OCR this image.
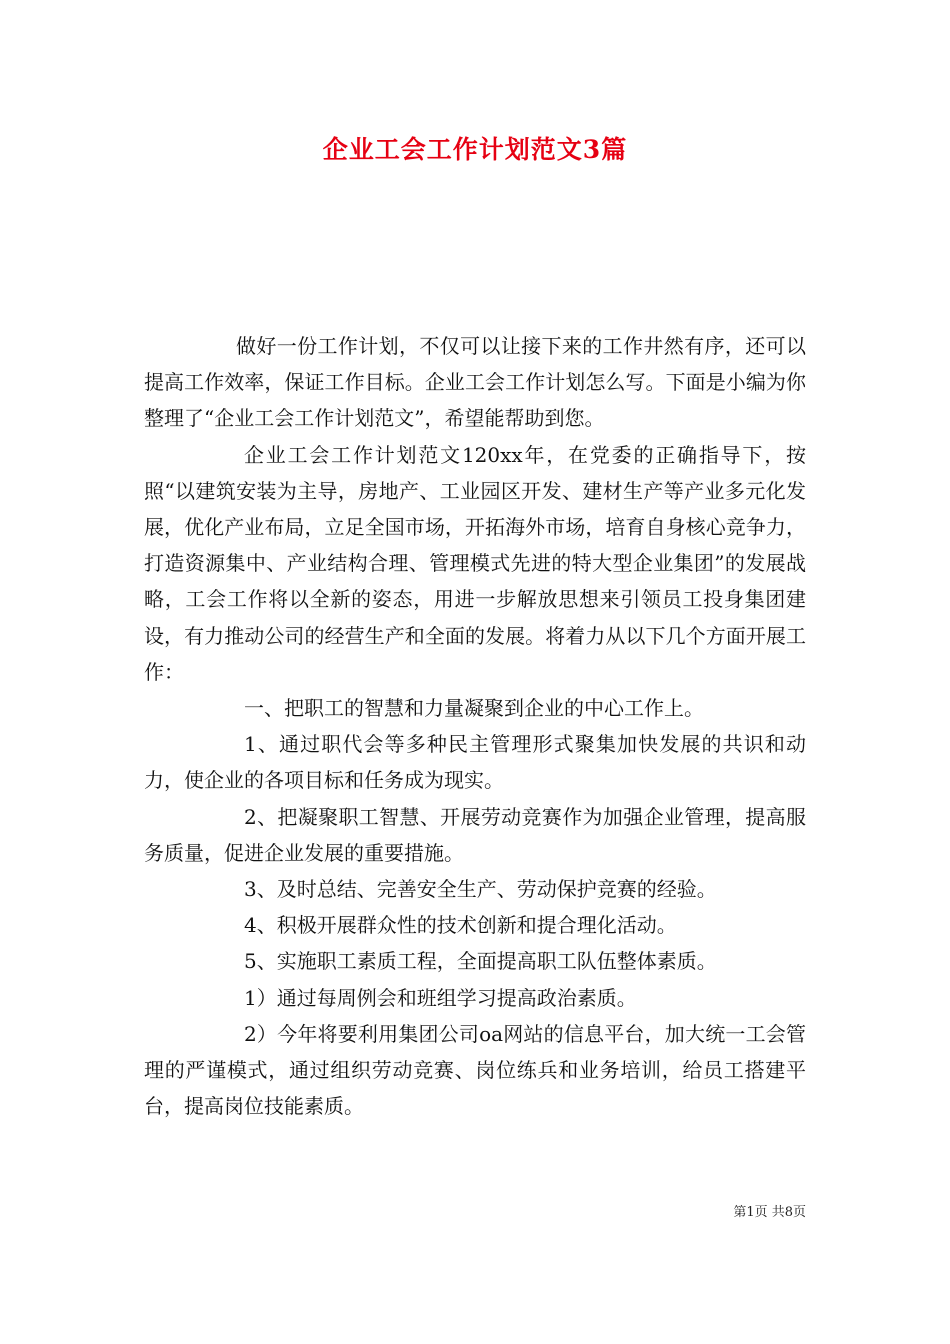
企业工会工作计划范文3篇

做好一份工作计划，不仅可以让接下来的工作井然有序，还可以提高工作效率，保证工作目标。企业工会工作计划怎么写。下面是小编为你整理了“企业工会工作计划范文”，希望能帮助到您。

企业工会工作计划范文120xx年，在党委的正确指导下，按照“以建筑安装为主导，房地产、工业园区开发、建材生产等产业多元化发展，优化产业布局，立足全国市场，开拓海外市场，培育自身核心竞争力，打造资源集中、产业结构合理、管理模式先进的特大型企业集团”的发展战略，工会工作将以全新的姿态，用进一步解放思想来引领员工投身集团建设，有力推动公司的经营生产和全面的发展。将着力从以下几个方面开展工作：

一、把职工的智慧和力量凝聚到企业的中心工作上。

1、通过职代会等多种民主管理形式聚集加快发展的共识和动力，使企业的各项目标和任务成为现实。

2、把凝聚职工智慧、开展劳动竞赛作为加强企业管理，提高服务质量，促进企业发展的重要措施。

3、及时总结、完善安全生产、劳动保护竞赛的经验。

4、积极开展群众性的技术创新和提合理化活动。

5、实施职工素质工程，全面提高职工队伍整体素质。

1）通过每周例会和班组学习提高政治素质。

2）今年将要利用集团公司oa网站的信息平台，加大统一工会管理的严谨模式，通过组织劳动竞赛、岗位练兵和业务培训，给员工搭建平台，提高岗位技能素质。

第1页 共8页
